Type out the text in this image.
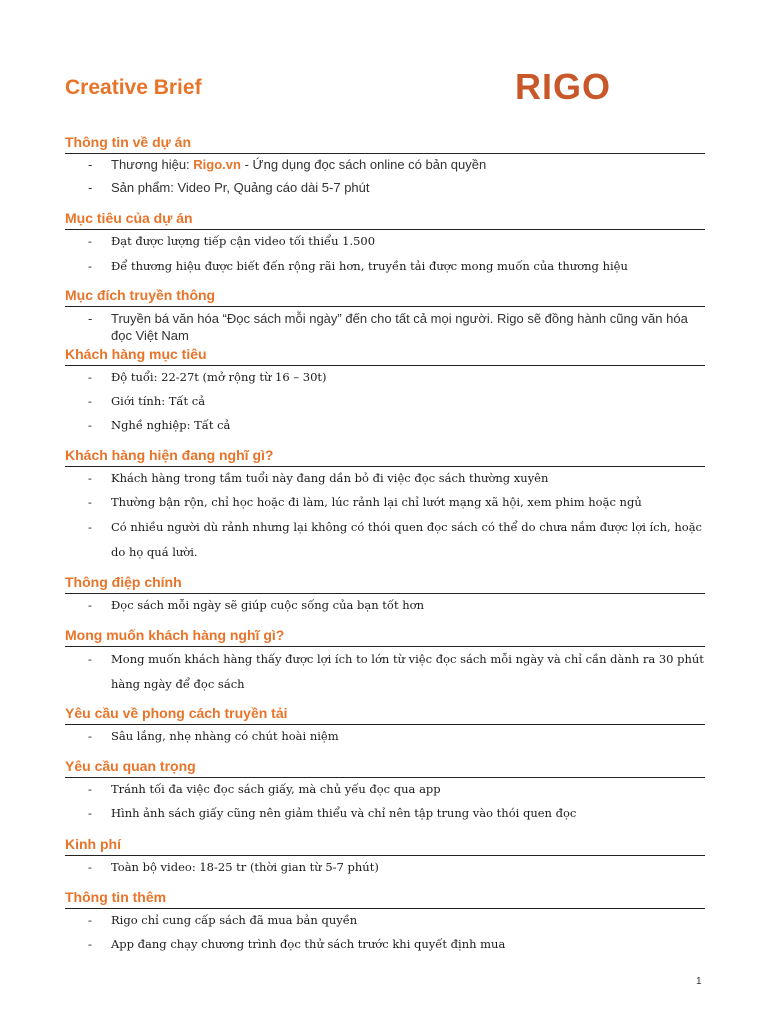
Creative Brief	RIGO
Thông tin về dự án
- Thương hiệu: Rigo.vn - Ứng dụng đọc sách online có bản quyền
- Sản phẩm: Video Pr, Quảng cáo dài 5-7 phút
Mục tiêu của dự án
- Đạt được lượng tiếp cận video tối thiểu 1.500
- Để thương hiệu được biết đến rộng rãi hơn, truyền tải được mong muốn của thương hiệu
Mục đích truyền thông
- Truyền bá văn hóa “Đọc sách mỗi ngày” đến cho tất cả mọi người. Rigo sẽ đồng hành cũng văn hóa đọc Việt Nam
Khách hàng mục tiêu
- Độ tuổi: 22-27t (mở rộng từ 16 – 30t)
- Giới tính: Tất cả
- Nghề nghiệp: Tất cả
Khách hàng hiện đang nghĩ gì?
- Khách hàng trong tầm tuổi này đang dần bỏ đi việc đọc sách thường xuyên
- Thường bận rộn, chỉ học hoặc đi làm, lúc rảnh lại chỉ lướt mạng xã hội, xem phim hoặc ngủ
- Có nhiều người dù rảnh nhưng lại không có thói quen đọc sách có thể do chưa nắm được lợi ích, hoặc do họ quá lười.
Thông điệp chính
- Đọc sách mỗi ngày sẽ giúp cuộc sống của bạn tốt hơn
Mong muốn khách hàng nghĩ gì?
- Mong muốn khách hàng thấy được lợi ích to lớn từ việc đọc sách mỗi ngày và chỉ cần dành ra 30 phút hàng ngày để đọc sách
Yêu cầu về phong cách truyền tải
- Sâu lắng, nhẹ nhàng có chút hoài niệm
Yêu cầu quan trọng
- Tránh tối đa việc đọc sách giấy, mà chủ yếu đọc qua app
- Hình ảnh sách giấy cũng nên giảm thiểu và chỉ nên tập trung vào thói quen đọc
Kinh phí
- Toàn bộ video: 18-25 tr (thời gian từ 5-7 phút)
Thông tin thêm
- Rigo chỉ cung cấp sách đã mua bản quyền
- App đang chạy chương trình đọc thử sách trước khi quyết định mua
1
